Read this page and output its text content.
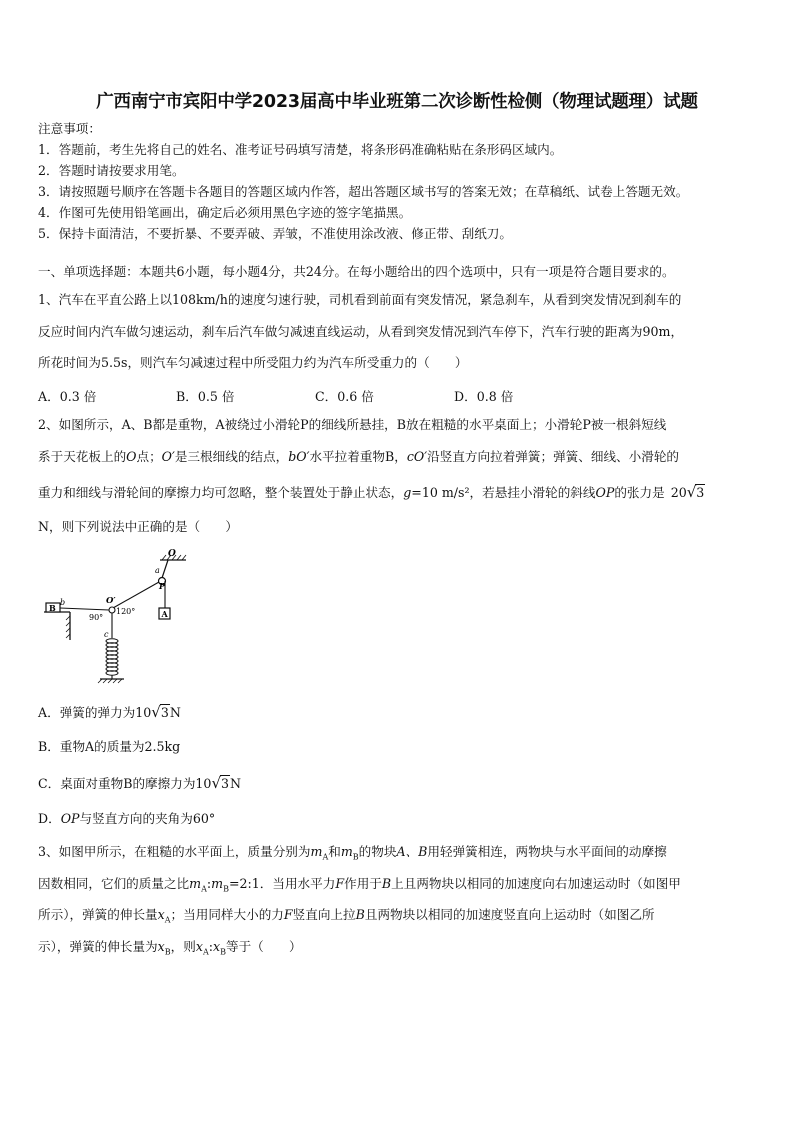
广西南宁市宾阳中学2023届高中毕业班第二次诊断性检侧（物理试题理）试题
注意事项：
1．答题前，考生先将自己的姓名、准考证号码填写清楚，将条形码准确粘贴在条形码区域内。
2．答题时请按要求用笔。
3．请按照题号顺序在答题卡各题目的答题区域内作答，超出答题区域书写的答案无效；在草稿纸、试卷上答题无效。
4．作图可先使用铅笔画出，确定后必须用黑色字迹的签字笔描黑。
5．保持卡面清洁，不要折暴、不要弄破、弄皱，不准使用涂改液、修正带、刮纸刀。
一、单项选择题：本题共6小题，每小题4分，共24分。在每小题给出的四个选项中，只有一项是符合题目要求的。
1、汽车在平直公路上以108km/h的速度匀速行驶，司机看到前面有突发情况，紧急刹车，从看到突发情况到刹车的
反应时间内汽车做匀速运动，刹车后汽车做匀减速直线运动，从看到突发情况到汽车停下，汽车行驶的距离为90m，
所花时间为5.5s，则汽车匀减速过程中所受阻力约为汽车所受重力的（　　）
A．0.3 倍	B．0.5 倍	C．0.6 倍	D．0.8 倍
2、如图所示，A、B都是重物，A被绕过小滑轮P的细线所悬挂，B放在粗糙的水平桌面上；小滑轮P被一根斜短线
系于天花板上的O点；O′是三根细线的结点，bO′水平拉着重物B，cO′沿竖直方向拉着弹簧；弹簧、细线、小滑轮的
重力和细线与滑轮间的摩擦力均可忽略，整个装置处于静止状态，g=10 m/s²，若悬挂小滑轮的斜线OP的张力是 20√3
N，则下列说法中正确的是（　　）
O
a
P
A
O′
120°
90°
B
b
c
A．弹簧的弹力为10√3N
B．重物A的质量为2.5kg
C．桌面对重物B的摩擦力为10√3N
D．OP与竖直方向的夹角为60°
3、如图甲所示，在粗糙的水平面上，质量分别为$m_A$和$m_B$的物块A、B用轻弹簧相连，两物块与水平面间的动摩擦
因数相同，它们的质量之比$m_A:m_B=2:1$．当用水平力F作用于B上且两物块以相同的加速度向右加速运动时（如图甲
所示），弹簧的伸长量$x_A$；当用同样大小的力F竖直向上拉B且两物块以相同的加速度竖直向上运动时（如图乙所
示），弹簧的伸长量为$x_B$，则$x_A:x_B$等于（　　）
